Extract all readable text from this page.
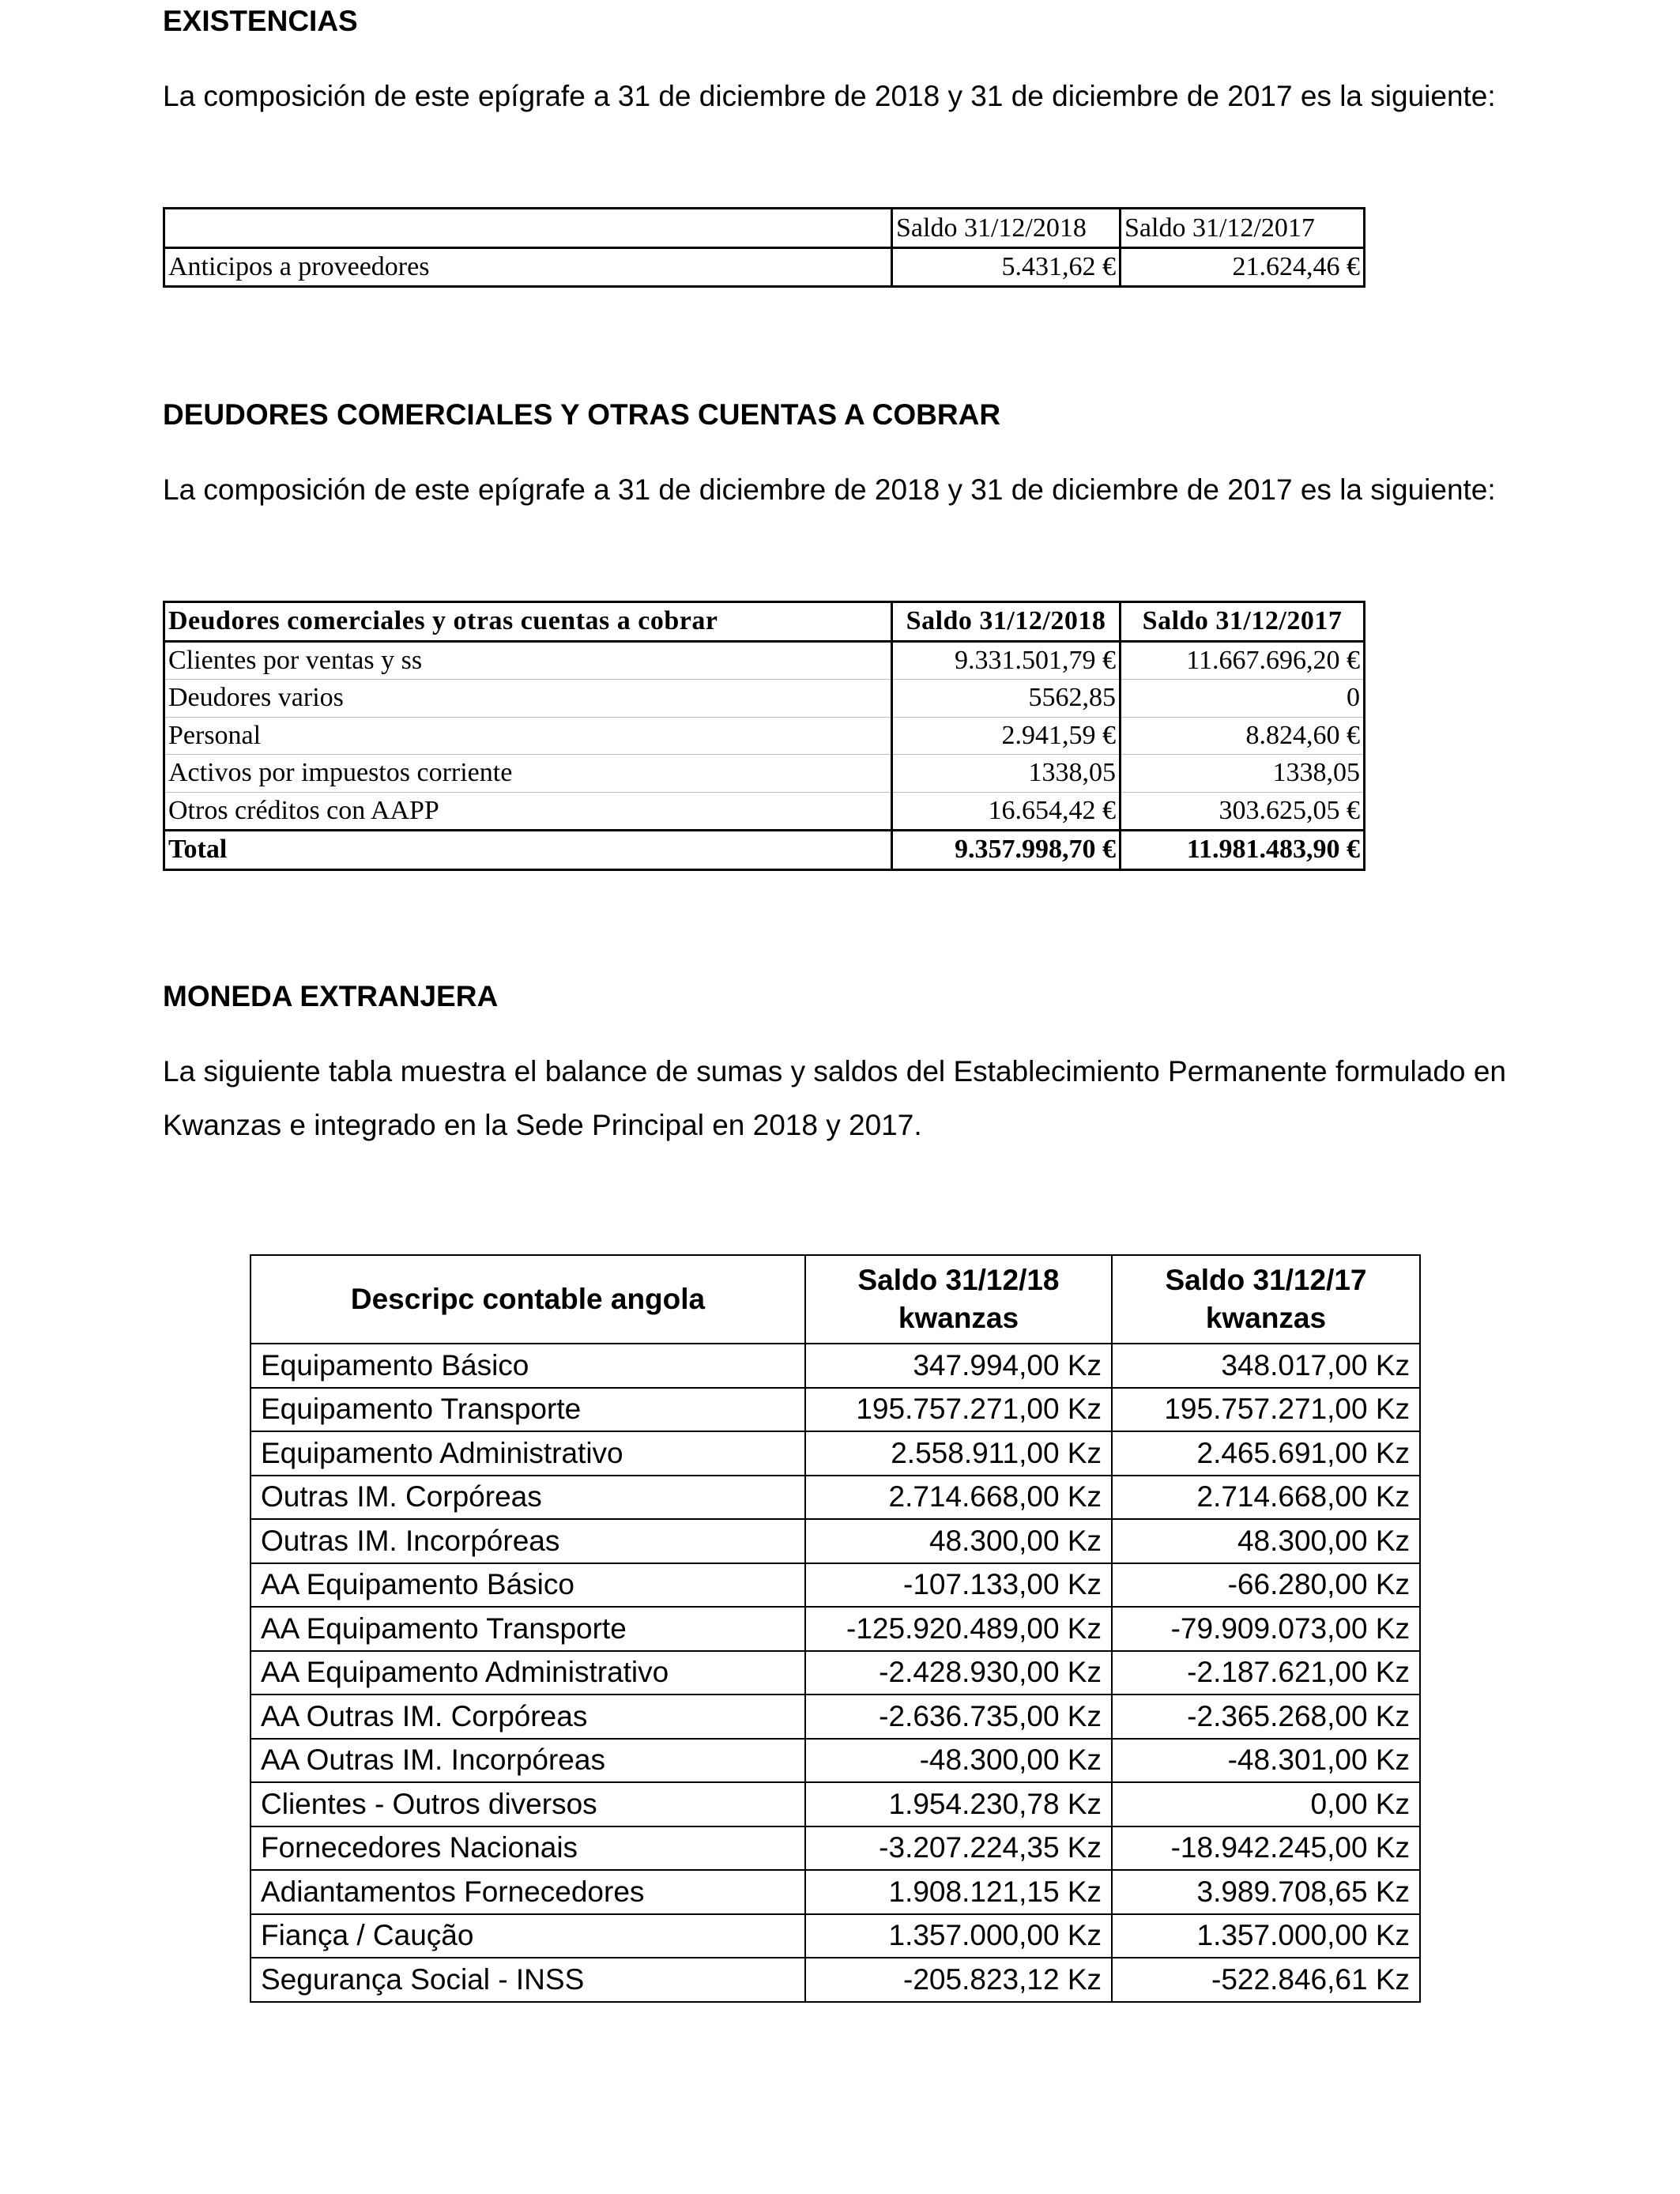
EXISTENCIAS

La composición de este epígrafe a 31 de diciembre de 2018 y 31 de diciembre de 2017 es la siguiente:

	Saldo 31/12/2018	Saldo 31/12/2017
Anticipos a proveedores	5.431,62 €	21.624,46 €
DEUDORES COMERCIALES Y OTRAS CUENTAS A COBRAR

La composición de este epígrafe a 31 de diciembre de 2018 y 31 de diciembre de 2017 es la siguiente:

Deudores comerciales y otras cuentas a cobrar	Saldo 31/12/2018	Saldo 31/12/2017
Clientes por ventas y ss	9.331.501,79 €	11.667.696,20 €
Deudores varios	5562,85	0
Personal	2.941,59 €	8.824,60 €
Activos por impuestos corriente	1338,05	1338,05
Otros créditos con AAPP	16.654,42 €	303.625,05 €
Total	9.357.998,70 €	11.981.483,90 €
MONEDA EXTRANJERA

La siguiente tabla muestra el balance de sumas y saldos del Establecimiento Permanente formulado en Kwanzas e integrado en la Sede Principal en 2018 y 2017.

Descripc contable angola	Saldo 31/12/18 kwanzas	Saldo 31/12/17 kwanzas
Equipamento Básico	347.994,00 Kz	348.017,00 Kz
Equipamento Transporte	195.757.271,00 Kz	195.757.271,00 Kz
Equipamento Administrativo	2.558.911,00 Kz	2.465.691,00 Kz
Outras IM. Corpóreas	2.714.668,00 Kz	2.714.668,00 Kz
Outras IM. Incorpóreas	48.300,00 Kz	48.300,00 Kz
AA Equipamento Básico	-107.133,00 Kz	-66.280,00 Kz
AA Equipamento Transporte	-125.920.489,00 Kz	-79.909.073,00 Kz
AA Equipamento Administrativo	-2.428.930,00 Kz	-2.187.621,00 Kz
AA Outras IM. Corpóreas	-2.636.735,00 Kz	-2.365.268,00 Kz
AA Outras IM. Incorpóreas	-48.300,00 Kz	-48.301,00 Kz
Clientes - Outros diversos	1.954.230,78 Kz	0,00 Kz
Fornecedores Nacionais	-3.207.224,35 Kz	-18.942.245,00 Kz
Adiantamentos Fornecedores	1.908.121,15 Kz	3.989.708,65 Kz
Fiança / Caução	1.357.000,00 Kz	1.357.000,00 Kz
Segurança Social - INSS	-205.823,12 Kz	-522.846,61 Kz
